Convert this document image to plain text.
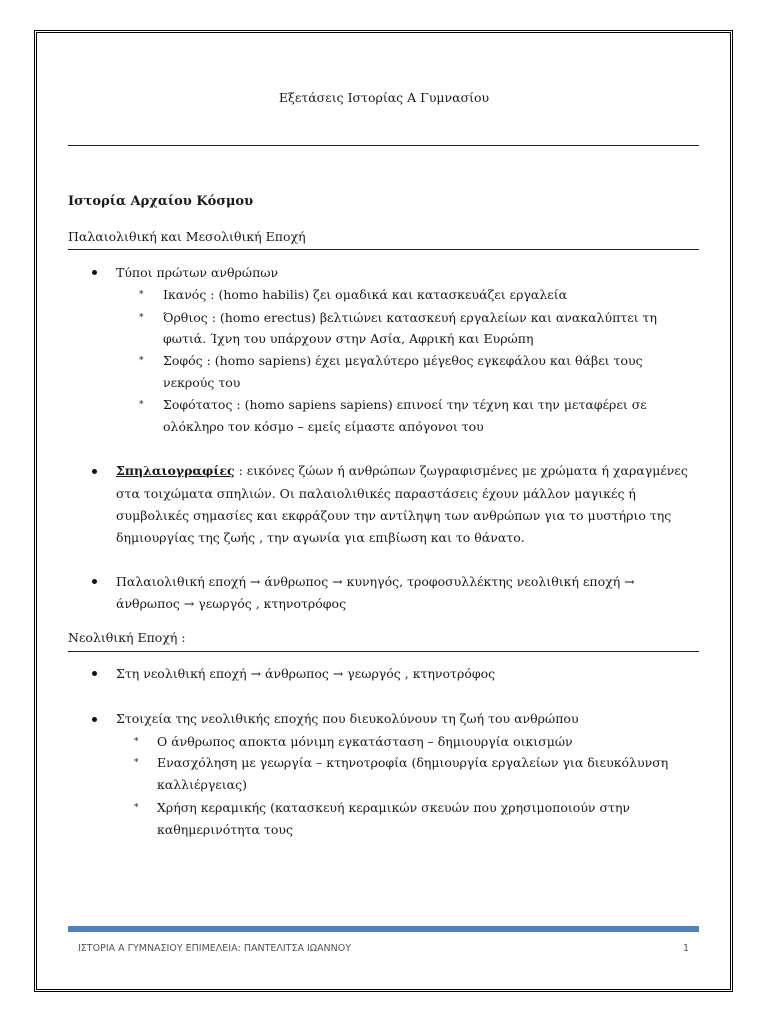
Εξετάσεις Ιστορίας Α Γυμνασίου
Ιστορία Αρχαίου Κόσμου
Παλαιολιθική και Μεσολιθική Εποχή
Τύποι πρώτων ανθρώπων
* Ικανός : (homo habilis) ζει ομαδικά και κατασκευάζει εργαλεία
* Όρθιος : (homo erectus) βελτιώνει κατασκευή εργαλείων και ανακαλύπτει τη
φωτιά. Ίχνη του υπάρχουν στην Ασία, Αφρική και Ευρώπη
* Σοφός : (homo sapiens) έχει μεγαλύτερο μέγεθος εγκεφάλου και θάβει τους
νεκρούς του
* Σοφότατος : (homo sapiens sapiens) επινοεί την τέχνη και την μεταφέρει σε
ολόκληρο τον κόσμο – εμείς είμαστε απόγονοι του
Σπηλαιογραφίες : εικόνες ζώων ή ανθρώπων ζωγραφισμένες με χρώματα ή χαραγμένες
στα τοιχώματα σπηλιών. Οι παλαιολιθικές παραστάσεις έχουν μάλλον μαγικές ή
συμβολικές σημασίες και εκφράζουν την αντίληψη των ανθρώπων για το μυστήριο της
δημιουργίας της ζωής , την αγωνία για επιβίωση και το θάνατο.
Παλαιολιθική εποχή → άνθρωπος → κυνηγός, τροφοσυλλέκτης νεολιθική εποχή →
άνθρωπος → γεωργός , κτηνοτρόφος
Νεολιθική Εποχή :
Στη νεολιθική εποχή → άνθρωπος → γεωργός , κτηνοτρόφος
Στοιχεία της νεολιθικής εποχής που διευκολύνουν τη ζωή του ανθρώπου
* Ο άνθρωπος αποκτα μόνιμη εγκατάσταση – δημιουργία οικισμών
* Ενασχόληση με γεωργία – κτηνοτροφία (δημιουργία εργαλείων για διευκόλυνση
καλλιέργειας)
* Χρήση κεραμικής (κατασκευή κεραμικών σκευών που χρησιμοποιούν στην
καθημερινότητα τους
ΙΣΤΟΡΙΑ Α ΓΥΜΝΑΣΙΟΥ ΕΠΙΜΕΛΕΙΑ: ΠΑΝΤΕΛΙΤΣΑ ΙΩΑΝΝΟΥ	1
